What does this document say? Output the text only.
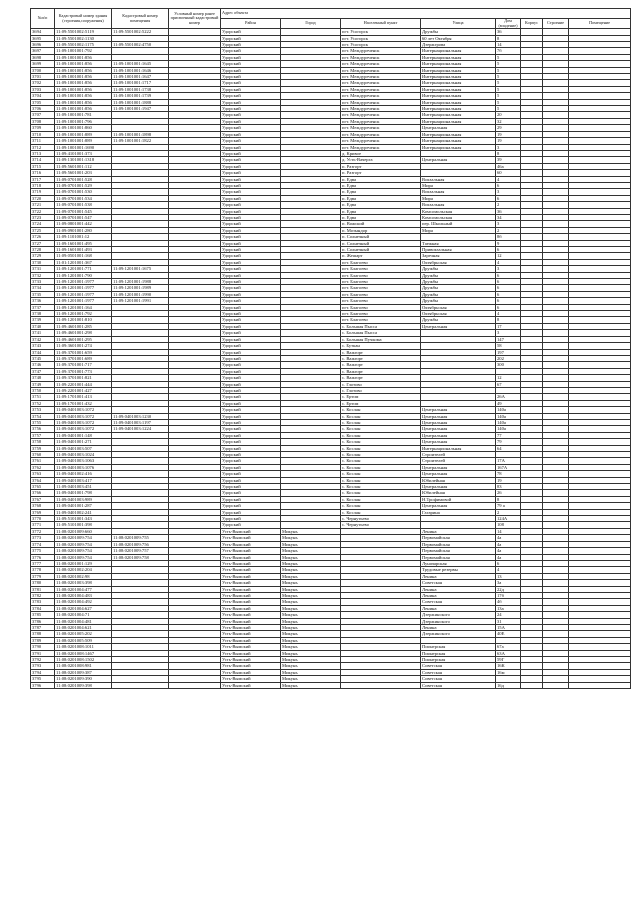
№п/п	Кадастровый номер здания (строения,сооружения)	Кадастровый номер помещения	Условный номер ранее присвоенный кадастровый номер	Адрес объекта							
				Район	Город	Населенный пункт	Улица	Дом (владение)	Корпус	Строение	Помещение
3694	11:09:5501002:5119	11:09:5501002:5222		Удорский		пгт. Усогорск	Дружбы	36			
3695	11:09:5501002:1130			Удорский		пгт. Усогорск	60 лет Октября	8			
3696	11:09:5501002:1175	11:09:5501002:4750		Удорский		пгт. Усогорск	Дзержгрова	14			
3697	11:09:1001001:792			Удорский		пгт. Междуреченск	Интернациональная	7б			
3698	11:09:1001001:856			Удорский		пгт. Междуреченск	Интернациональная	5			
3699	11:09:1001001:856	11:09:1001001:1645		Удорский		пгт. Междуреченск	Интернациональная	5			
3700	11:09:1001001:856	11:09:1001001:1646		Удорский		пгт. Междуреченск	Интернациональная	5			
3701	11:09:1001001:856	11:09:1001001:1647		Удорский		пгт. Междуреченск	Интернациональная	5			
3702	11:09:1001001:856	11:09:1001001:1717		Удорский		пгт. Междуреченск	Интернациональная	5			
3703	11:09:1001001:856	11:09:1001001:1738		Удорский		пгт. Междуреченск	Интернациональная	5			
3704	11:09:1001001:856	11:09:1001001:1739		Удорский		пгт. Междуреченск	Интернациональная	5			
3705	11:09:1001001:856	11:09:1001001:1888		Удорский		пгт. Междуреченск	Интернациональная	5			
3706	11:09:1001001:856	11:09:1001001:1947		Удорский		пгт. Междуреченск	Интернациональная	5			
3707	11:09:1001001:781			Удорский		пгт. Междуреченск	Интернациональная	20			
3708	11:09:1001001:796			Удорский		пгт. Междуреченск	Интернациональная	32			
3709	11:09:1001001:860			Удорский		пгт. Междуреченск	Центральная	29			
3710	11:09:1001001:889	11:09:1001001:1898		Удорский		пгт. Междуреченск	Интернациональная	19			
3711	11:09:1001001:889	11:09:1001001:1822		Удорский		пгт. Междуреченск	Интернациональная	19			
3712	11:09:1001001:1690			Удорский		пгт. Междуреченск	Интернациональная	3			
3713	11:09:4101001:373			Удорский		д. Кривое		8			
3714	11:09:1301001:1318			Удорский		д. Усть-Вачерга	Центральная	39			
3715	11:09:5601001:112			Удорский		п. Разгорт		46а			
3716	11:09:5601001:203			Удорский		п. Разгорт		60			
3717	11:09:0701001:528			Удорский		п. Едва	Вокзальная	4			
3718	11:09:0701001:529			Удорский		п. Едва	Мира	6			
3719	11:09:0701001:530			Удорский		п. Едва	Вокзальная	3			
3720	11:09:0701001:534			Удорский		п. Едва	Мира	6			
3721	11:09:0701001:538			Удорский		п. Едва	Вокзальная	2			
3722	11:09:0701001:545			Удорский		п. Едва	Комсомольская	36			
3723	11:09:0701001:547			Удорский		п. Едва	Комсомольская	34			
3724	11:09:0801001:442			Удорский		п. Вожский	пер. Школьный	3			
3725	11:09:0901001:280			Удорский		п. Мозындор	Мира	2			
3726	11:09:1101001:12			Удорский		п. Солнечный		8б			
3727	11:09:1601001:495			Удорский		п. Солнечный	Таежная	9			
3728	11:09:1601001:493			Удорский		п. Солнечный	Привокзальная	6			
3729	11:09:0501001:168			Удорский		п. Жешарт	Заречная	12			
3730	11:01:1201001:367			Удорский		пгт. Благоево	Октябрьская	4			
3731	11:09:1201001:771	11:09:1201001:1675		Удорский		пгт. Благоево	Дружбы	3			
3732	11:09:1201001:790			Удорский		пгт. Благоево	Дружбы	6			
3733	11:09:1201001:1977	11:09:1201001:1988		Удорский		пгт. Благоево	Дружбы	6			
3734	11:09:1201001:1977	11:09:1201001:1989		Удорский		пгт. Благоево	Дружбы	6			
3735	11:09:1201001:1977	11:09:1201001:1990		Удорский		пгт. Благоево	Дружбы	6			
3736	11:09:1201001:1977	11:09:1201001:1991		Удорский		пгт. Благоево	Дружбы	6			
3737	11:09:1201001:164			Удорский		пгт. Благоево	Октябрьская	6			
3738	11:09:1201001:792			Удорский		пгт. Благоево	Октябрьская	4			
3739	11:09:1201001:810			Удорский		пгт. Благоево	Дружбы	8			
3740	11:09:4601001:285			Удорский		с. Большая Пысса	Центральная	17			
3741	11:09:4601001:298			Удорский		с. Большая Пысса		3			
3742	11:09:4601001:295			Удорский		с. Большая Пучкома		147			
3743	11:09:3601001:274			Удорский		с. Буткан		58			
3744	11:09:3701001:659			Удорский		с. Важгорт		197			
3745	11:09:3701001:689			Удорский		с. Важгорт		202			
3746	11:09:3701001:717			Удорский		с. Важгорт		300			
3747	11:09:3701001:773			Удорский		с. Важгорт					
3748	11:09:3701001:821			Удорский		с. Важгорт		12			
3749	11:09:2201001:444			Удорский		с. Глотово		67			
3750	11:09:2201001:427			Удорский		с. Глотово					
3751	11:09:1701001:413			Удорский		с. Ертом		26А			
3752	11:09:1701001:432			Удорский		с. Ертом		49			
3753	11:09:0401003:1072			Удорский		с. Кослан	Центральная	140а			
3754	11:09:0401003:1072	11:09:0401003:1230		Удорский		с. Кослан	Центральная	140а			
3755	11:09:0401003:1072	11:09:0401003:1197		Удорский		с. Кослан	Центральная	140а			
3756	11:09:0401003:1072	11:09:0401003:1224		Удорский		с. Кослан	Центральная	140а			
3757	11:09:0401001:148			Удорский		с. Кослан	Центральная	77			
3758	11:09:0401001:271			Удорский		с. Кослан	Центральная	79			
3759	11:09:0401003:507			Удорский		с. Кослан	Интернациональная	64			
3760	11:09:0401003:1024			Удорский		с. Кослан	Строителей				
3761	11:09:0401003:1063			Удорский		с. Кослан	Строителей	17А			
3762	11:09:0401003:1076			Удорский		с. Кослан	Центральная	167А			
3763	11:09:0401002:416			Удорский		с. Кослан	Центральная	78			
3764	11:09:0401003:417			Удорский		с. Кослан	Юбилейная	19			
3765	11:09:0401003:451			Удорский		с. Кослан	Центральная	83			
3766	11:09:0401001:798			Удорский		с. Кослан	Юбилейная	26			
3767	11:09:0401003:989			Удорский		с. Кослан	Н.Трофимовой	8			
3768	11:09:0401001:287			Удорский		с. Кослан	Центральная	79 а			
3769	11:09:0401002:241			Удорский		с. Кослан	Гагарина	2			
3770	11:09:5101001:343			Удорский		с. Чернутьево		124А			
3771	11:09:5101001:398			Удорский		с. Чернутьево		108			
3772	11:08:0201009:660			Усть-Вымский	Микунь		Ленина	14			
3773	11:08:0201009:754	11:08:0201009:755		Усть-Вымский	Микунь		Первомайская	4а			
3774	11:08:0201009:754	11:08:0201009:756		Усть-Вымский	Микунь		Первомайская	4а			
3775	11:08:0201009:754	11:08:0201009:757		Усть-Вымский	Микунь		Первомайская	4а			
3776	11:08:0201009:754	11:08:0201009:758		Усть-Вымский	Микунь		Первомайская	4а			
3777	11:08:0201001:129			Усть-Вымский	Микунь		Луначарская	6			
3778	11:08:0201002:204			Усть-Вымский	Микунь		Трудовые резервы	4			
3779	11:08:0201002:98			Усть-Вымский	Микунь		Ленина	13			
3780	11:08:0201003:398			Усть-Вымский	Микунь		Советская	3а			
3781	11:08:0201004:477			Усть-Вымский	Микунь		Ленина	22д			
3782	11:08:0201004:483			Усть-Вымский	Микунь		Ленина	17б			
3783	11:08:0201004:492			Усть-Вымский	Микунь		Советская	4б			
3784	11:08:0201004:627			Усть-Вымский	Микунь		Ленина	13а			
3785	11:08:0201004:71			Усть-Вымский	Микунь		Дзержинского	24			
3786	11:08:0201004:481			Усть-Вымский	Микунь		Дзержинского	31			
3787	11:08:0201004:621			Усть-Вымский	Микунь		Ленина	15А			
3788	11:08:0201005:202			Усть-Вымский	Микунь		Дзержинского	40Е			
3789	11:08:0201005:509			Усть-Вымский	Микунь						
3790	11:08:0201008:1011			Усть-Вымский	Микунь		Пионерская	67а			
3791	11:08:0201008:1467			Усть-Вымский	Микунь		Пионерская	63А			
3792	11:08:0201008:1502			Усть-Вымский	Микунь		Пионерская	59Г			
3793	11:08:0201008:981			Усть-Вымский	Микунь		Советская	16К			
3794	11:08:0201009:387			Усть-Вымский	Микунь		Советская	16м			
3795	11:08:0201009:390			Усть-Вымский	Микунь		Советская				
3796	11:08:0201009:398			Усть-Вымский	Микунь		Советская	16д			
